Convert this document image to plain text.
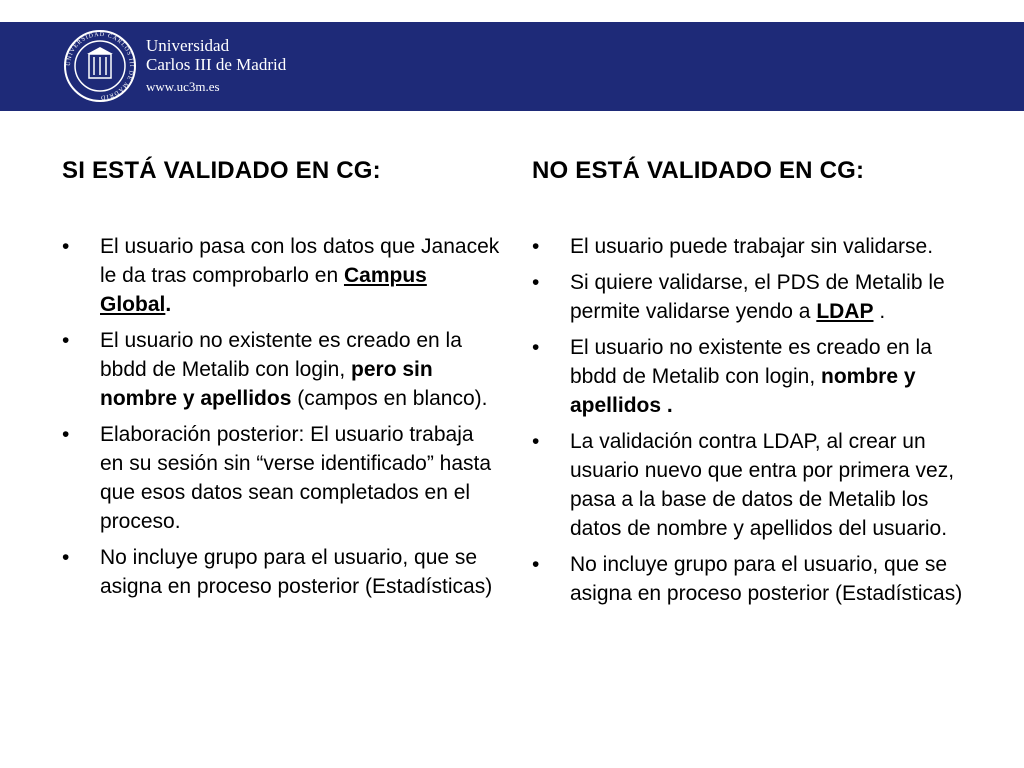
UNIVERSIDAD CARLOS III DE MADRID
Universidad
Carlos III de Madrid
www.uc3m.es
SI ESTÁ VALIDADO EN CG:
• El usuario pasa con los datos que Janacek le da tras comprobarlo en Campus Global.
• El usuario no existente es creado en la bbdd de Metalib con login, pero sin nombre y apellidos (campos en blanco).
• Elaboración posterior: El usuario trabaja en su sesión sin “verse identificado” hasta que esos datos sean completados en el proceso.
• No incluye grupo para el usuario, que se asigna en proceso posterior (Estadísticas)
NO ESTÁ VALIDADO EN CG:
• El usuario puede trabajar sin validarse.
• Si quiere validarse, el PDS de Metalib le permite validarse yendo a LDAP .
• El usuario no existente es creado en la bbdd de Metalib con login, nombre y apellidos .
• La validación contra LDAP, al crear un usuario nuevo que entra por primera vez, pasa a la base de datos de Metalib los datos de nombre y apellidos del usuario.
• No incluye grupo para el usuario, que se asigna en proceso posterior (Estadísticas)
